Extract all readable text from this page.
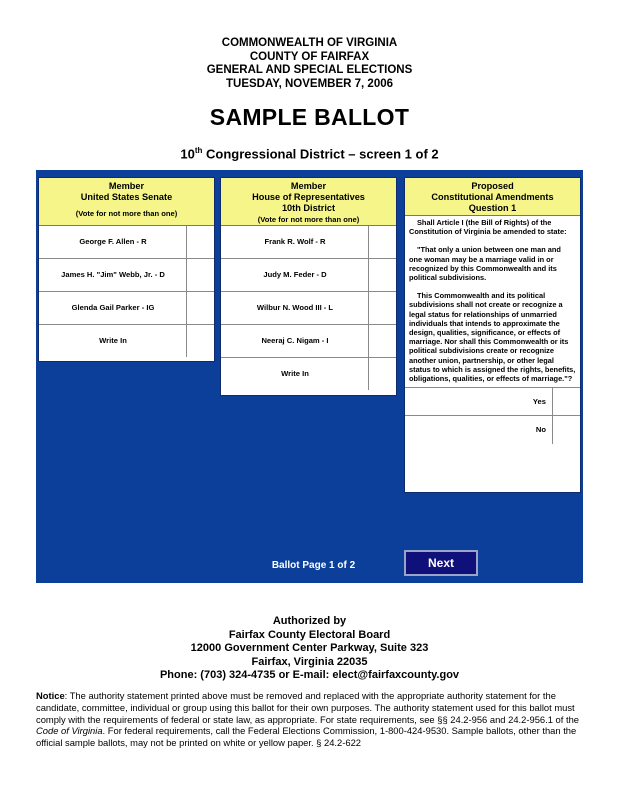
COMMONWEALTH OF VIRGINIA
COUNTY OF FAIRFAX
GENERAL AND SPECIAL ELECTIONS
TUESDAY, NOVEMBER 7, 2006
SAMPLE BALLOT
10th Congressional District – screen 1 of 2
Member
United States Senate
(Vote for not more than one)
George F. Allen - R
James H. "Jim" Webb, Jr. - D
Glenda Gail Parker - IG
Write In
Member
House of Representatives
10th District
(Vote for not more than one)
Frank R. Wolf - R
Judy M. Feder - D
Wilbur N. Wood III - L
Neeraj C. Nigam - I
Write In
Proposed
Constitutional Amendments
Question 1

Shall Article I (the Bill of Rights) of the Constitution of Virginia be amended to state:

"That only a union between one man and one woman may be a marriage valid in or recognized by this Commonwealth and its political subdivisions.

This Commonwealth and its political subdivisions shall not create or recognize a legal status for relationships of unmarried individuals that intends to approximate the design, qualities, significance, or effects of marriage. Nor shall this Commonwealth or its political subdivisions create or recognize another union, partnership, or other legal status to which is assigned the rights, benefits, obligations, qualities, or effects of marriage."?

Yes
No
Ballot Page 1 of 2	Next
Authorized by
Fairfax County Electoral Board
12000 Government Center Parkway, Suite 323
Fairfax, Virginia 22035
Phone: (703) 324-4735 or E-mail: elect@fairfaxcounty.gov
Notice: The authority statement printed above must be removed and replaced with the appropriate authority statement for the candidate, committee, individual or group using this ballot for their own purposes. The authority statement used for this ballot must comply with the requirements of federal or state law, as appropriate. For state requirements, see §§ 24.2-956 and 24.2-956.1 of the Code of Virginia. For federal requirements, call the Federal Elections Commission, 1-800-424-9530. Sample ballots, other than the official sample ballots, may not be printed on white or yellow paper. § 24.2-622
